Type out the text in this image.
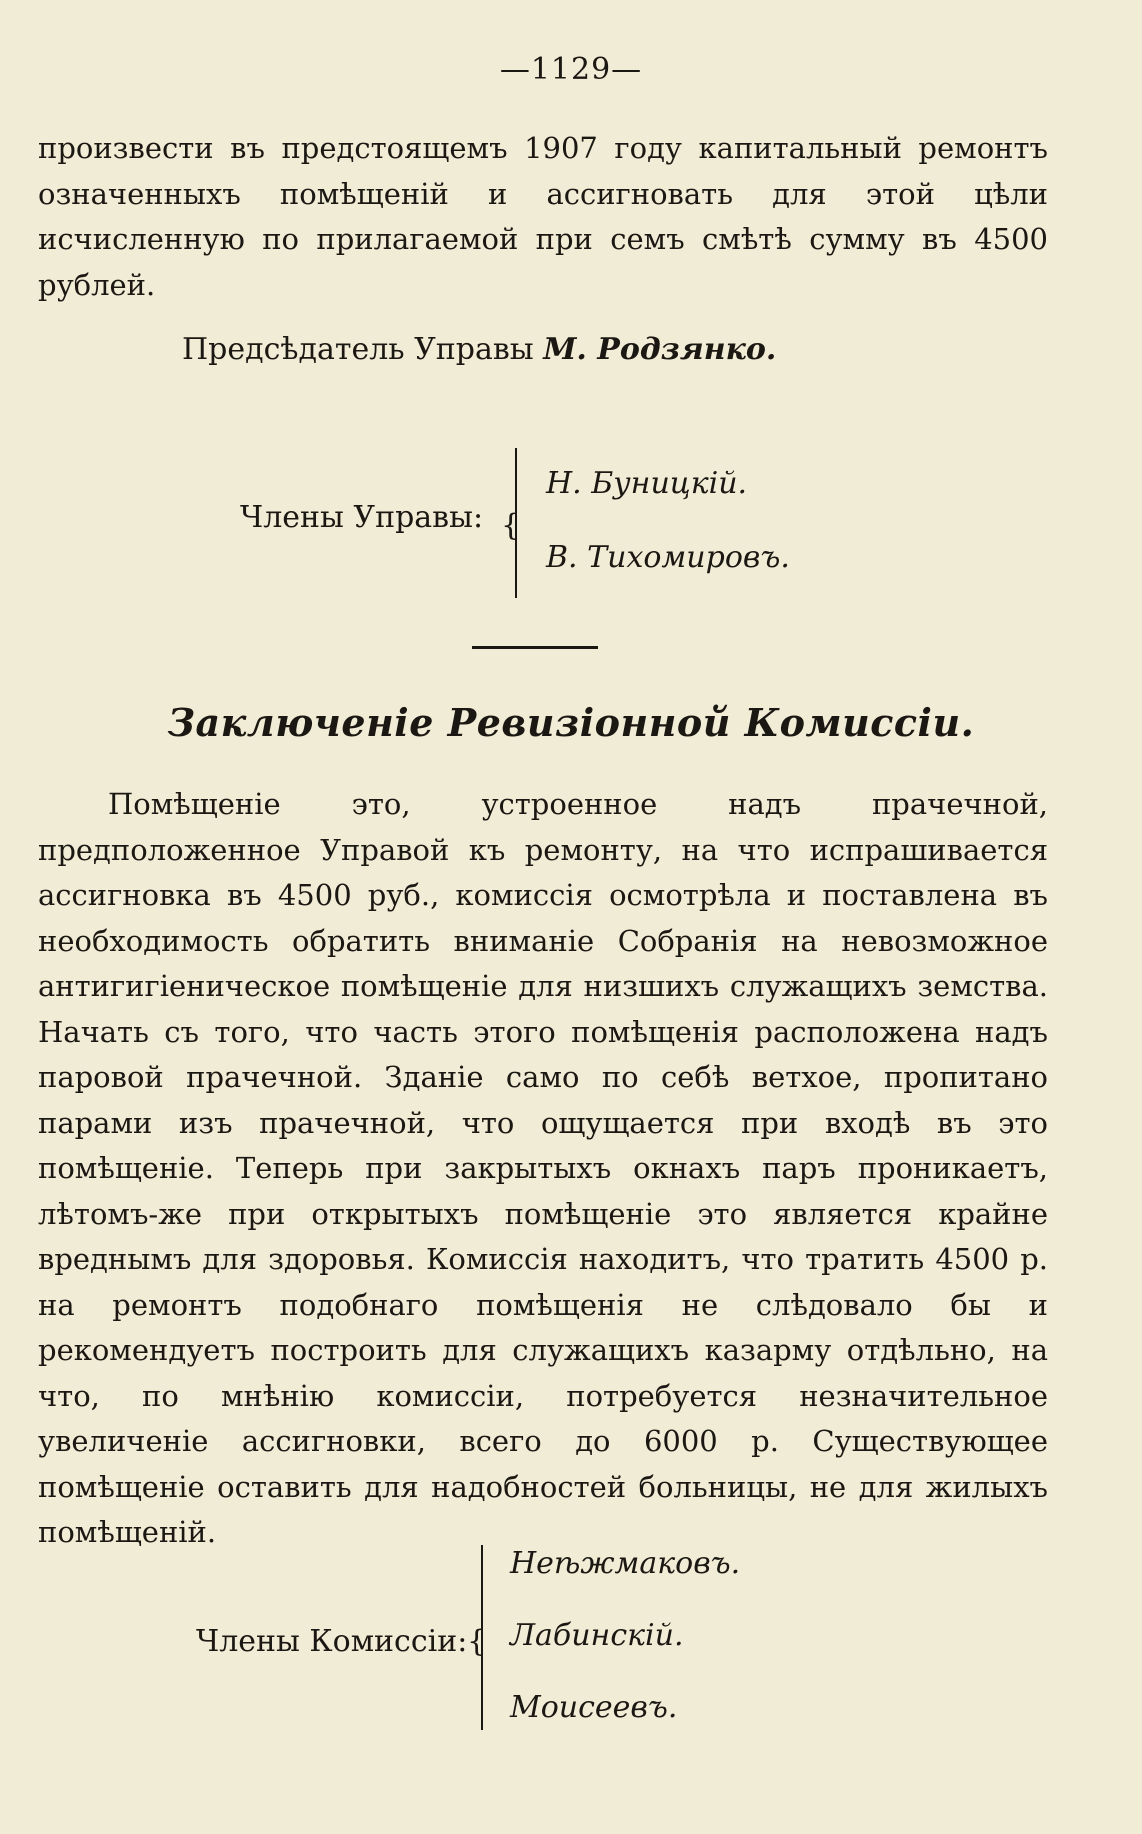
—1129—
произвести въ предстоящемъ 1907 году капитальный ремонтъ означенныхъ помѣщеній и ассигновать для этой цѣли исчисленную по прилагаемой при семъ смѣтѣ сумму въ 4500 рублей.
Предсѣдатель Управы М. Родзянко.
Члены Управы: {
Н. Буницкій.
В. Тихомировъ.
Заключеніе Ревизіонной Комиссіи.
Помѣщеніе это, устроенное надъ прачечной, предположенное Управой къ ремонту, на что испрашивается ассигновка въ 4500 руб., комиссія осмотрѣла и поставлена въ необходимость обратить вниманіе Собранія на невозможное антигигіеническое помѣщеніе для низшихъ служащихъ земства. Начать съ того, что часть этого помѣщенія расположена надъ паровой прачечной. Зданіе само по себѣ ветхое, пропитано парами изъ прачечной, что ощущается при входѣ въ это помѣщеніе. Теперь при закрытыхъ окнахъ паръ проникаетъ, лѣтомъ-же при открытыхъ помѣщеніе это является крайне вреднымъ для здоровья. Комиссія находитъ, что тратить 4500 р. на ремонтъ подобнаго помѣщенія не слѣдовало бы и рекомендуетъ построить для служащихъ казарму отдѣльно, на что, по мнѣнію комиссіи, потребуется незначительное увеличеніе ассигновки, всего до 6000 р. Существующее помѣщеніе оставить для надобностей больницы, не для жилыхъ помѣщеній.
Члены Комиссіи: {
Неѣжмаковъ.
Лабинскій.
Моисеевъ.
